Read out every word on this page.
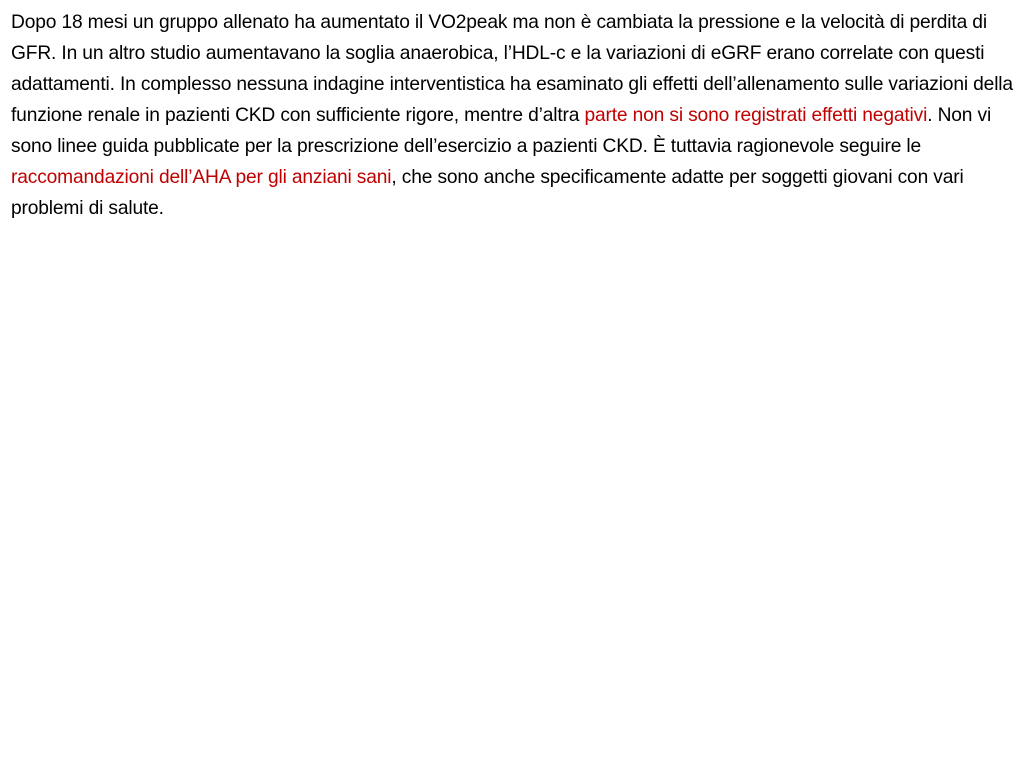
Dopo 18 mesi un gruppo allenato ha aumentato il VO2peak ma non è cambiata la pressione e la velocità di perdita di GFR. In un altro studio aumentavano la soglia anaerobica, l’HDL-c e la variazioni di eGRF erano correlate con questi adattamenti. In complesso nessuna indagine interventistica ha esaminato gli effetti dell’allenamento sulle variazioni della funzione renale in pazienti CKD con sufficiente rigore, mentre d’altra parte non si sono registrati effetti negativi. Non vi sono linee guida pubblicate per la prescrizione dell’esercizio a pazienti CKD. È tuttavia ragionevole seguire le raccomandazioni dell’AHA per gli anziani sani, che sono anche specificamente adatte per soggetti giovani con vari problemi di salute.
